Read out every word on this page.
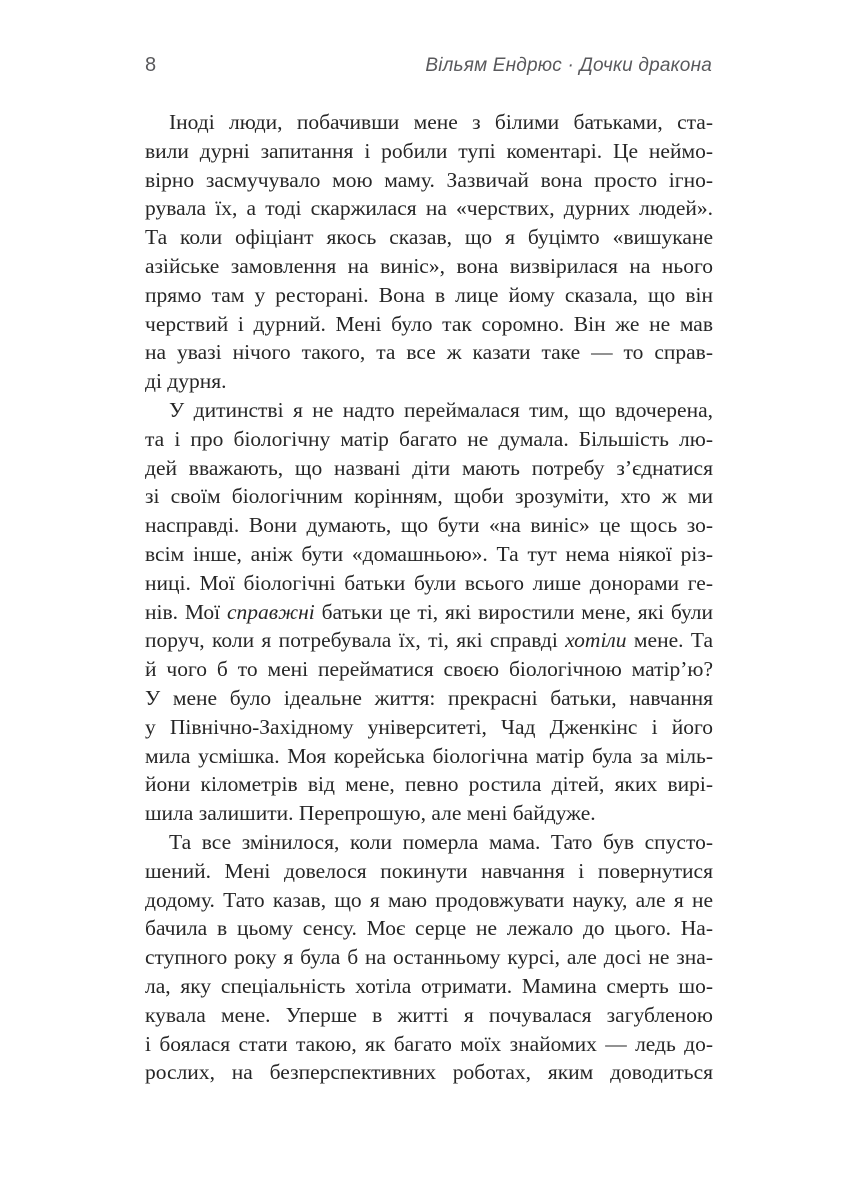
8	Вільям Ендрюс · Дочки дракона
Іноді люди, побачивши мене з білими батьками, ста-
вили дурні запитання і робили тупі коментарі. Це неймо-
вірно засмучувало мою маму. Зазвичай вона просто ігно-
рувала їх, а тоді скаржилася на «черствих, дурних людей».
Та коли офіціант якось сказав, що я буцімто «вишукане
азійське замовлення на виніс», вона визвірилася на нього
прямо там у ресторані. Вона в лице йому сказала, що він
черствий і дурний. Мені було так соромно. Він же не мав
на увазі нічого такого, та все ж казати таке — то справ-
ді дурня.
У дитинстві я не надто переймалася тим, що вдочерена,
та і про біологічну матір багато не думала. Більшість лю-
дей вважають, що названі діти мають потребу з’єднатися
зі своїм біологічним корінням, щоби зрозуміти, хто ж ми
насправді. Вони думають, що бути «на виніс» це щось зо-
всім інше, аніж бути «домашньою». Та тут нема ніякої різ-
ниці. Мої біологічні батьки були всього лише донорами ге-
нів. Мої справжні батьки це ті, які виростили мене, які були
поруч, коли я потребувала їх, ті, які справді хотіли мене. Та
й чого б то мені перейматися своєю біологічною матір’ю?
У мене було ідеальне життя: прекрасні батьки, навчання
у Північно-Західному університеті, Чад Дженкінс і його
мила усмішка. Моя корейська біологічна матір була за міль-
йони кілометрів від мене, певно ростила дітей, яких вирі-
шила залишити. Перепрошую, але мені байдуже.
Та все змінилося, коли померла мама. Тато був спусто-
шений. Мені довелося покинути навчання і повернутися
додому. Тато казав, що я маю продовжувати науку, але я не
бачила в цьому сенсу. Моє серце не лежало до цього. На-
ступного року я була б на останньому курсі, але досі не зна-
ла, яку спеціальність хотіла отримати. Мамина смерть шо-
кувала мене. Уперше в житті я почувалася загубленою
і боялася стати такою, як багато моїх знайомих — ледь до-
рослих, на безперспективних роботах, яким доводиться
